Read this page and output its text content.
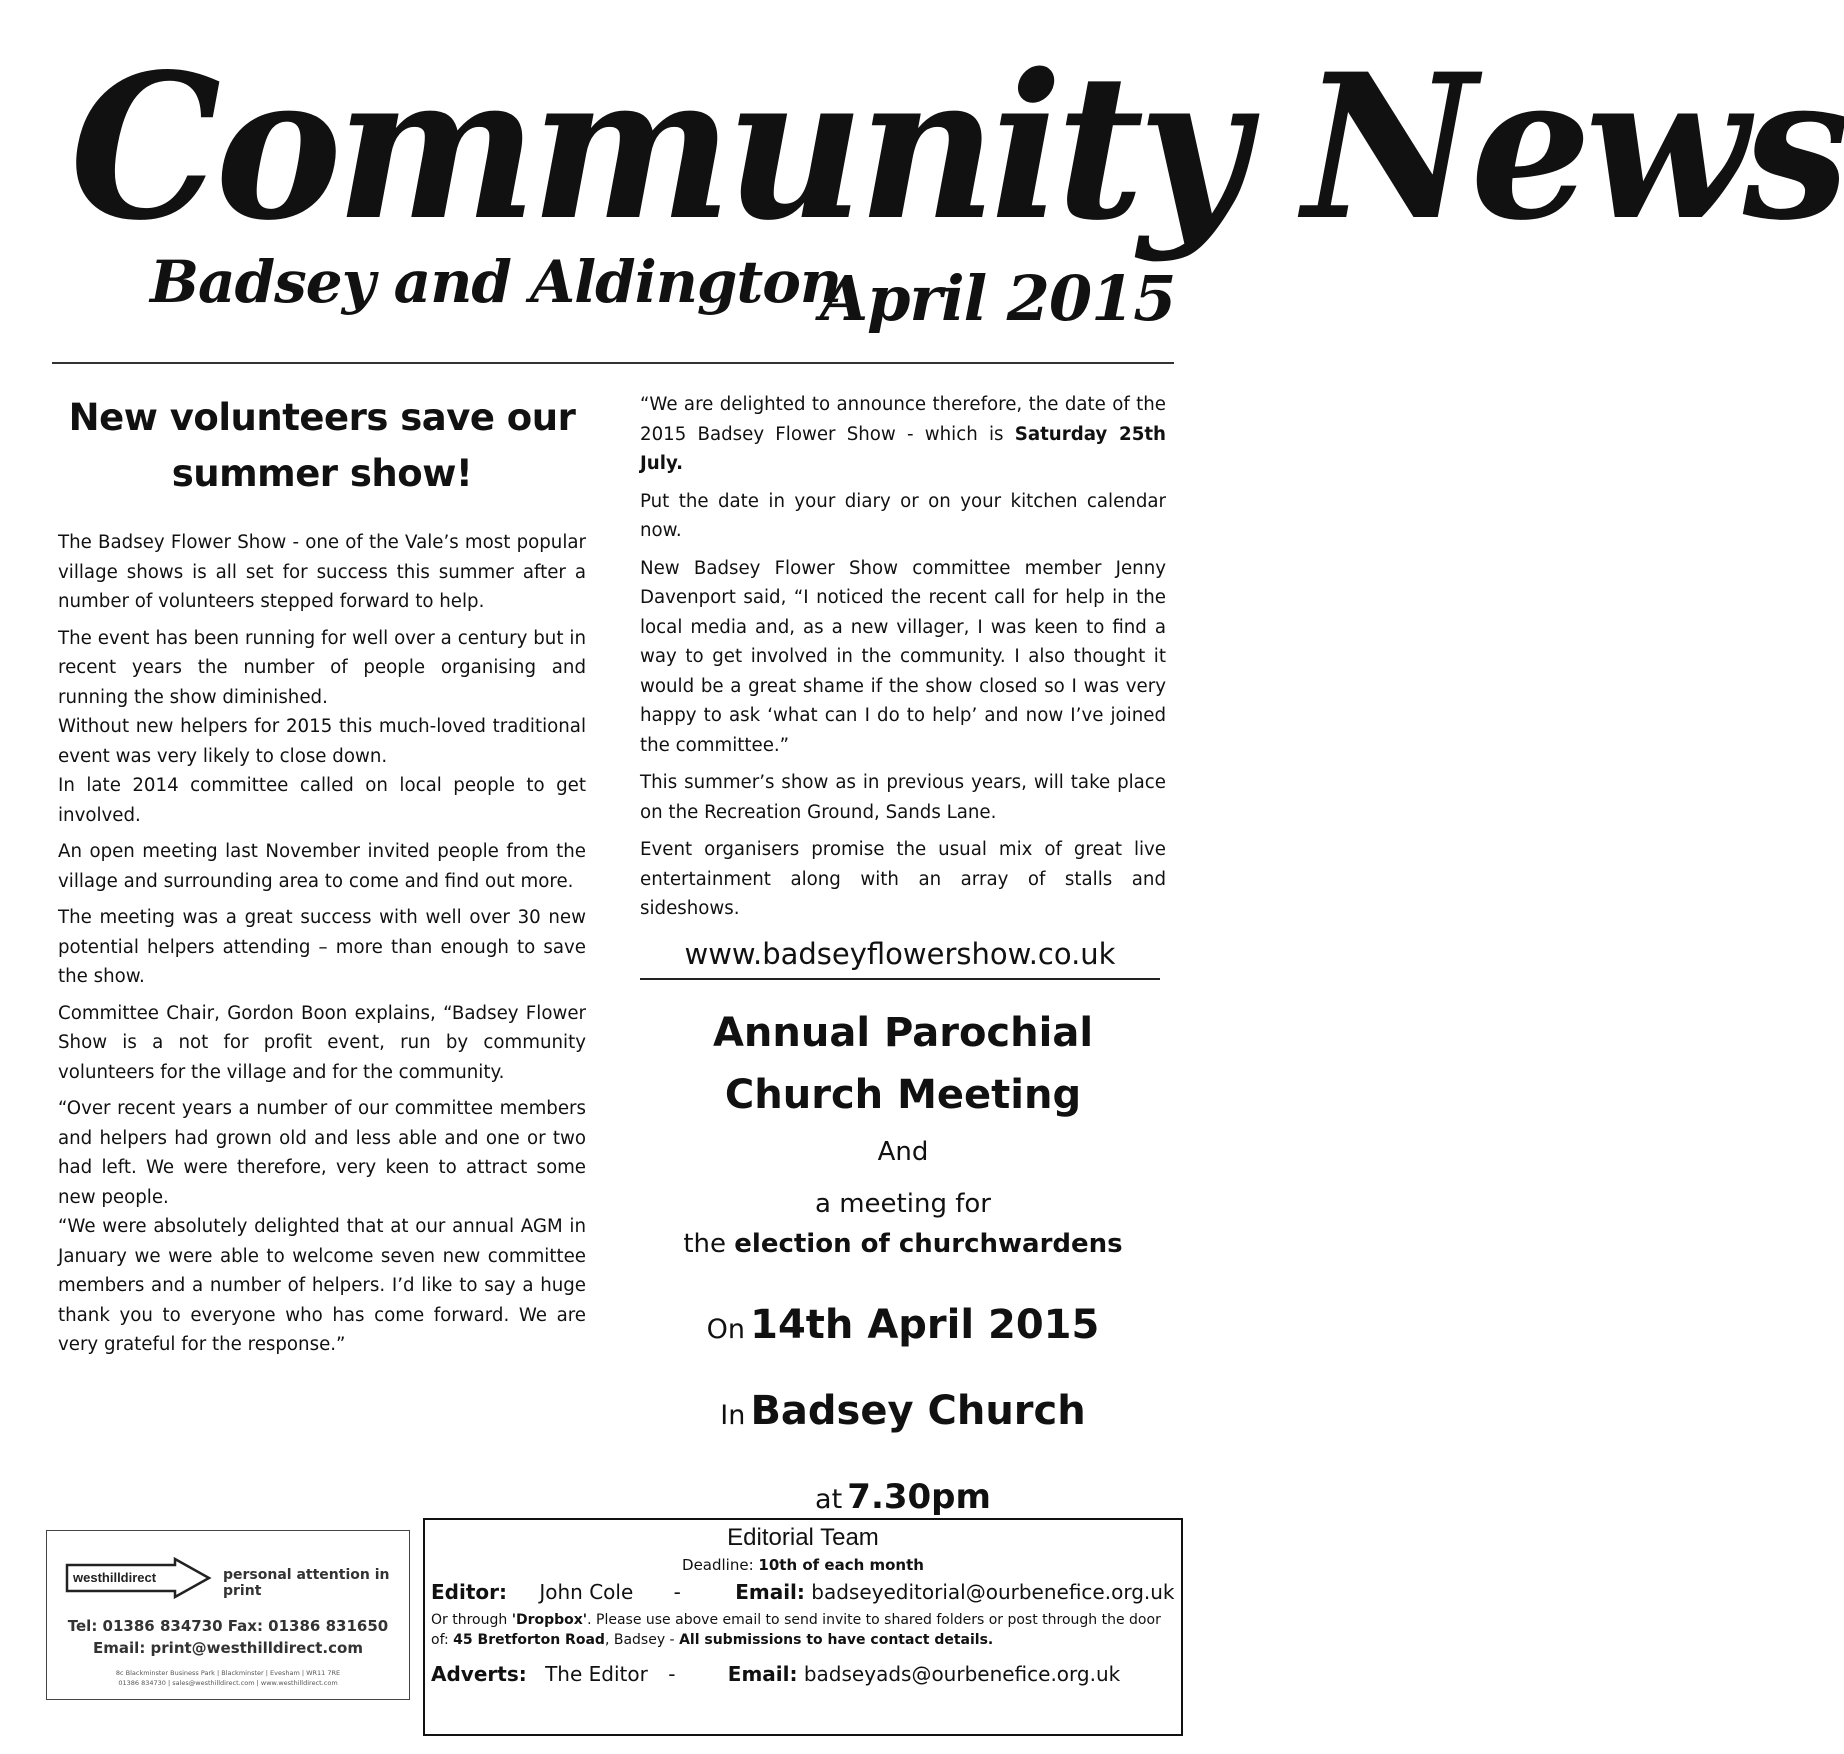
Community News
Badsey and Aldington
April 2015
New volunteers save our summer show!

The Badsey Flower Show - one of the Vale’s most popular village shows is all set for success this summer after a number of volunteers stepped forward to help.

The event has been running for well over a century but in recent years the number of people organising and running the show diminished.

Without new helpers for 2015 this much-loved traditional event was very likely to close down.

In late 2014 committee called on local people to get involved.

An open meeting last November invited people from the village and surrounding area to come and find out more.

The meeting was a great success with well over 30 new potential helpers attending – more than enough to save the show.

Committee Chair, Gordon Boon explains, “Badsey Flower Show is a not for profit event, run by community volunteers for the village and for the community.

“Over recent years a number of our committee members and helpers had grown old and less able and one or two had left. We were therefore, very keen to attract some new people.

“We were absolutely delighted that at our annual AGM in January we were able to welcome seven new committee members and a number of helpers. I’d like to say a huge thank you to everyone who has come forward. We are very grateful for the response.”

“We are delighted to announce therefore, the date of the 2015 Badsey Flower Show - which is Saturday 25th July.

Put the date in your diary or on your kitchen calendar now.

New Badsey Flower Show committee member Jenny Davenport said, “I noticed the recent call for help in the local media and, as a new villager, I was keen to find a way to get involved in the community. I also thought it would be a great shame if the show closed so I was very happy to ask ‘what can I do to help’ and now I’ve joined the committee.”

This summer’s show as in previous years, will take place on the Recreation Ground, Sands Lane.

Event organisers promise the usual mix of great live entertainment along with an array of stalls and sideshows.

www.badseyflowershow.co.uk
Annual Parochial
Church Meeting
And
a meeting for
the election of churchwardens
On 14th April 2015
In Badsey Church
at 7.30pm
westhilldirect	personal attention in print
Tel: 01386 834730 Fax: 01386 831650
Email: print@westhilldirect.com
8c Blackminster Business Park | Blackminster | Evesham | WR11 7RE
01386 834730 | sales@westhilldirect.com | www.westhilldirect.com
Editorial Team
Deadline: 10th of each month
Editor: John Cole -	Email: badseyeditorial@ourbenefice.org.uk
Or through 'Dropbox'. Please use above email to send invite to shared folders or post through the door of: 45 Bretforton Road, Badsey - All submissions to have contact details.
Adverts: The Editor -	Email: badseyads@ourbenefice.org.uk
